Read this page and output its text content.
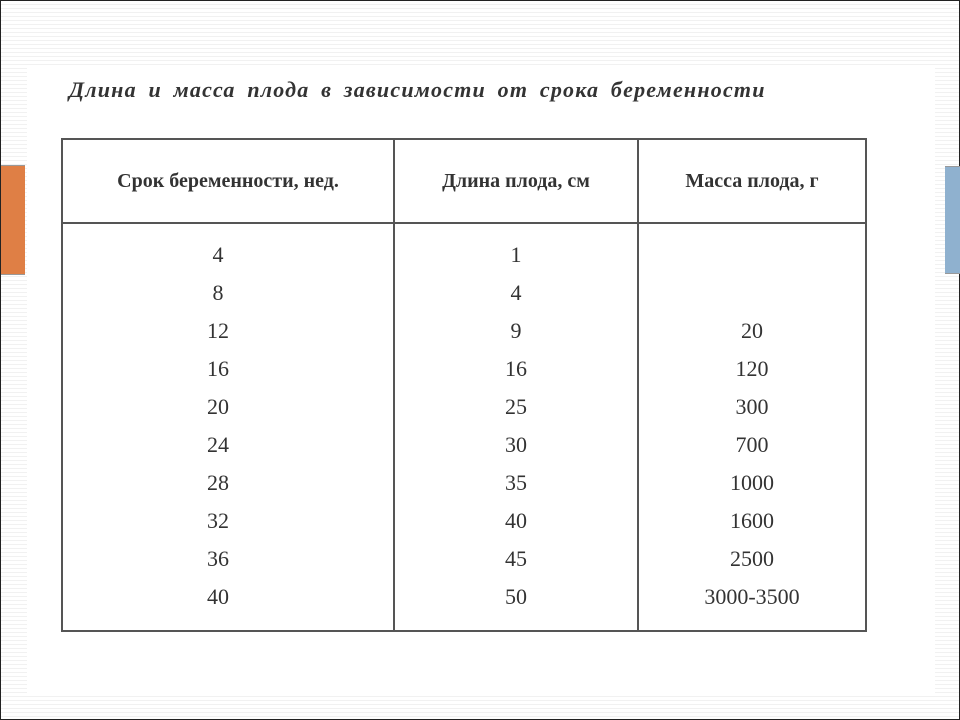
Длина и масса плода в зависимости от срока беременности
Срок беременности, нед.	Длина плода, см	Масса плода, г
4
8
12
16
20
24
28
32
36
40
1
4
9
16
25
30
35
40
45
50
20
120
300
700
1000
1600
2500
3000-3500
